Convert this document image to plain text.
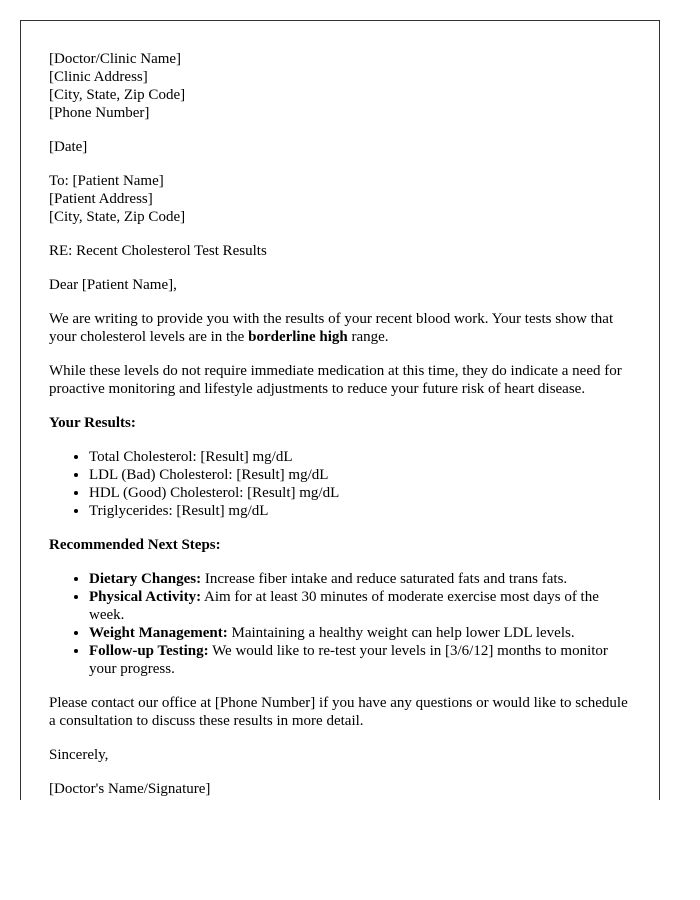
[Doctor/Clinic Name]
[Clinic Address]
[City, State, Zip Code]
[Phone Number]

[Date]

To: [Patient Name]
[Patient Address]
[City, State, Zip Code]

RE: Recent Cholesterol Test Results

Dear [Patient Name],

We are writing to provide you with the results of your recent blood work. Your tests show that your cholesterol levels are in the borderline high range.

While these levels do not require immediate medication at this time, they do indicate a need for proactive monitoring and lifestyle adjustments to reduce your future risk of heart disease.

Your Results:
• Total Cholesterol: [Result] mg/dL
• LDL (Bad) Cholesterol: [Result] mg/dL
• HDL (Good) Cholesterol: [Result] mg/dL
• Triglycerides: [Result] mg/dL
Recommended Next Steps:
• Dietary Changes: Increase fiber intake and reduce saturated fats and trans fats.
• Physical Activity: Aim for at least 30 minutes of moderate exercise most days of the week.
• Weight Management: Maintaining a healthy weight can help lower LDL levels.
• Follow-up Testing: We would like to re-test your levels in [3/6/12] months to monitor your progress.

Please contact our office at [Phone Number] if you have any questions or would like to schedule a consultation to discuss these results in more detail.

Sincerely,

[Doctor's Name/Signature]
